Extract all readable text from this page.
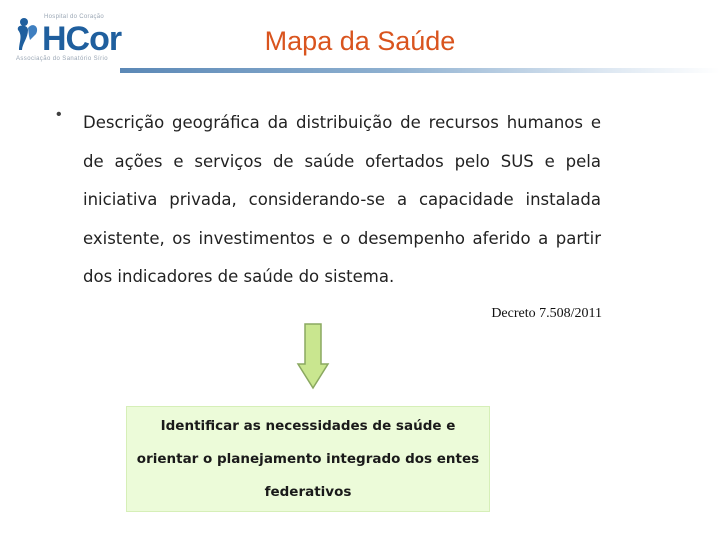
Hospital do Coração
HCor
Associação do Sanatório Sírio
Mapa da Saúde
• Descrição geográfica da distribuição de recursos humanos e de ações e serviços de saúde ofertados pelo SUS e pela iniciativa privada, considerando-se a capacidade instalada existente, os investimentos e o desempenho aferido a partir dos indicadores de saúde do sistema.
Decreto 7.508/2011
Identificar as necessidades de saúde e orientar o planejamento integrado dos entes federativos
